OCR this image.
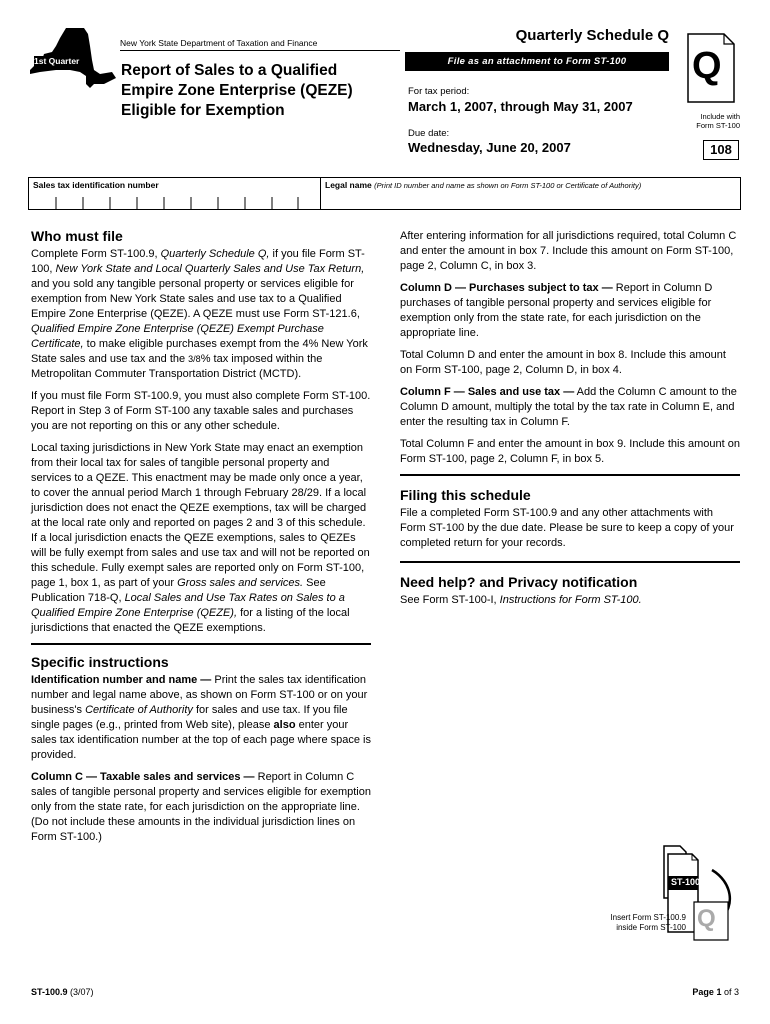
1st Quarter
New York State Department of Taxation and Finance
Report of Sales to a Qualified
Empire Zone Enterprise (QEZE)
Eligible for Exemption
Quarterly Schedule Q
File as an attachment to Form ST-100
For tax period:
March 1, 2007, through May 31, 2007
Due date:
Wednesday, June 20, 2007
Q
Include with
Form ST-100
108
Sales tax identification number	Legal name (Print ID number and name as shown on Form ST-100 or Certificate of Authority)
Who must file

Complete Form ST-100.9, Quarterly Schedule Q, if you file Form ST-100, New York State and Local Quarterly Sales and Use Tax Return, and you sold any tangible personal property or services eligible for exemption from New York State sales and use tax to a Qualified Empire Zone Enterprise (QEZE). A QEZE must use Form ST-121.6, Qualified Empire Zone Enterprise (QEZE) Exempt Purchase Certificate, to make eligible purchases exempt from the 4% New York State sales and use tax and the 3/8% tax imposed within the Metropolitan Commuter Transportation District (MCTD).

If you must file Form ST-100.9, you must also complete Form ST-100. Report in Step 3 of Form ST-100 any taxable sales and purchases you are not reporting on this or any other schedule.

Local taxing jurisdictions in New York State may enact an exemption from their local tax for sales of tangible personal property and services to a QEZE. This enactment may be made only once a year, to cover the annual period March 1 through February 28/29. If a local jurisdiction does not enact the QEZE exemptions, tax will be charged at the local rate only and reported on pages 2 and 3 of this schedule. If a local jurisdiction enacts the QEZE exemptions, sales to QEZEs will be fully exempt from sales and use tax and will not be reported on this schedule. Fully exempt sales are reported only on Form ST-100, page 1, box 1, as part of your Gross sales and services. See Publication 718-Q, Local Sales and Use Tax Rates on Sales to a Qualified Empire Zone Enterprise (QEZE), for a listing of the local jurisdictions that enacted the QEZE exemptions.

Specific instructions

Identification number and name — Print the sales tax identification number and legal name above, as shown on Form ST-100 or on your business's Certificate of Authority for sales and use tax. If you file single pages (e.g., printed from Web site), please also enter your sales tax identification number at the top of each page where space is provided.

Column C — Taxable sales and services — Report in Column C sales of tangible personal property and services eligible for exemption only from the state rate, for each jurisdiction on the appropriate line. (Do not include these amounts in the individual jurisdiction lines on Form ST-100.)

After entering information for all jurisdictions required, total Column C and enter the amount in box 7. Include this amount on Form ST-100, page 2, Column C, in box 3.

Column D — Purchases subject to tax — Report in Column D purchases of tangible personal property and services eligible for exemption only from the state rate, for each jurisdiction on the appropriate line.

Total Column D and enter the amount in box 8. Include this amount on Form ST-100, page 2, Column D, in box 4.

Column F — Sales and use tax — Add the Column C amount to the Column D amount, multiply the total by the tax rate in Column E, and enter the resulting tax in Column F.

Total Column F and enter the amount in box 9. Include this amount on Form ST-100, page 2, Column F, in box 5.

Filing this schedule

File a completed Form ST-100.9 and any other attachments with Form ST-100 by the due date. Please be sure to keep a copy of your completed return for your records.

Need help? and Privacy notification

See Form ST-100-I, Instructions for Form ST-100.

ST-100
Q
Insert Form ST-100.9
inside Form ST-100
ST-100.9 (3/07)	Page 1 of 3
